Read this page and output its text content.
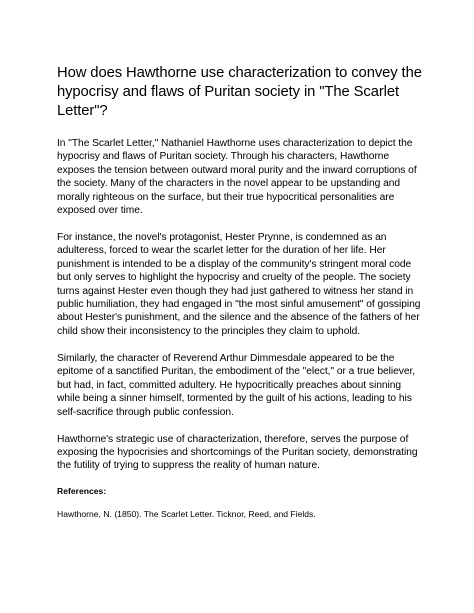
How does Hawthorne use characterization to convey the hypocrisy and flaws of Puritan society in "The Scarlet Letter"?

In "The Scarlet Letter," Nathaniel Hawthorne uses characterization to depict the hypocrisy and flaws of Puritan society. Through his characters, Hawthorne exposes the tension between outward moral purity and the inward corruptions of the society. Many of the characters in the novel appear to be upstanding and morally righteous on the surface, but their true hypocritical personalities are exposed over time.

For instance, the novel's protagonist, Hester Prynne, is condemned as an adulteress, forced to wear the scarlet letter for the duration of her life. Her punishment is intended to be a display of the community's stringent moral code but only serves to highlight the hypocrisy and cruelty of the people. The society turns against Hester even though they had just gathered to witness her stand in public humiliation, they had engaged in "the most sinful amusement" of gossiping about Hester's punishment, and the silence and the absence of the fathers of her child show their inconsistency to the principles they claim to uphold.

Similarly, the character of Reverend Arthur Dimmesdale appeared to be the epitome of a sanctified Puritan, the embodiment of the "elect," or a true believer, but had, in fact, committed adultery. He hypocritically preaches about sinning while being a sinner himself, tormented by the guilt of his actions, leading to his self-sacrifice through public confession.

Hawthorne's strategic use of characterization, therefore, serves the purpose of exposing the hypocrisies and shortcomings of the Puritan society, demonstrating the futility of trying to suppress the reality of human nature.

References:

Hawthorne, N. (1850). The Scarlet Letter. Ticknor, Reed, and Fields.
